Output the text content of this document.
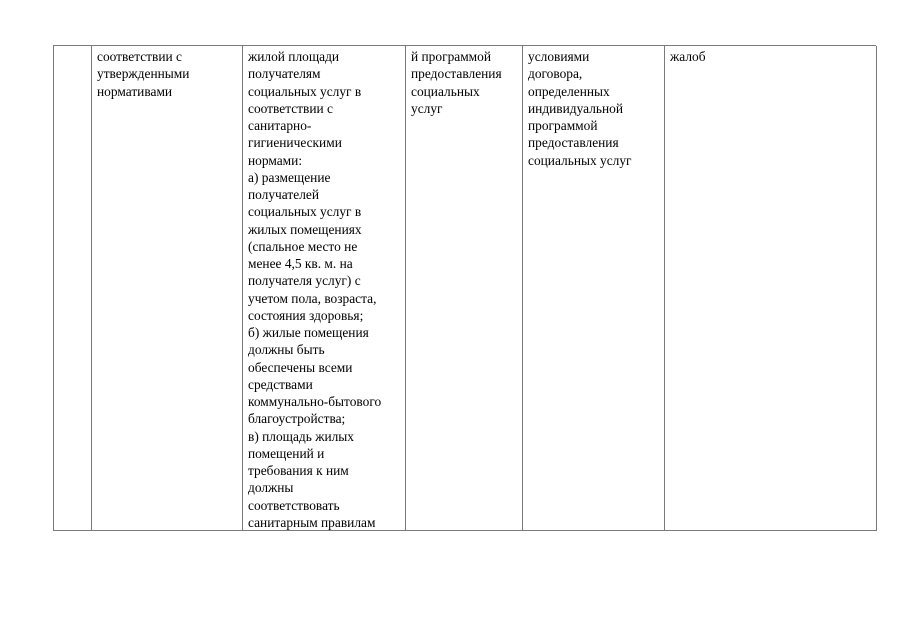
соответствии с
утвержденными
нормативами
жилой площади
получателям
социальных услуг в
соответствии с
санитарно-
гигиеническими
нормами:
а) размещение
получателей
социальных услуг в
жилых помещениях
(спальное место не
менее 4,5 кв. м. на
получателя услуг) с
учетом пола, возраста,
состояния здоровья;
б) жилые помещения
должны быть
обеспечены всеми
средствами
коммунально-бытового
благоустройства;
в) площадь жилых
помещений и
требования к ним
должны
соответствовать
санитарным правилам
й программой
предоставления
социальных
услуг
условиями
договора,
определенных
индивидуальной
программой
предоставления
социальных услуг
жалоб
